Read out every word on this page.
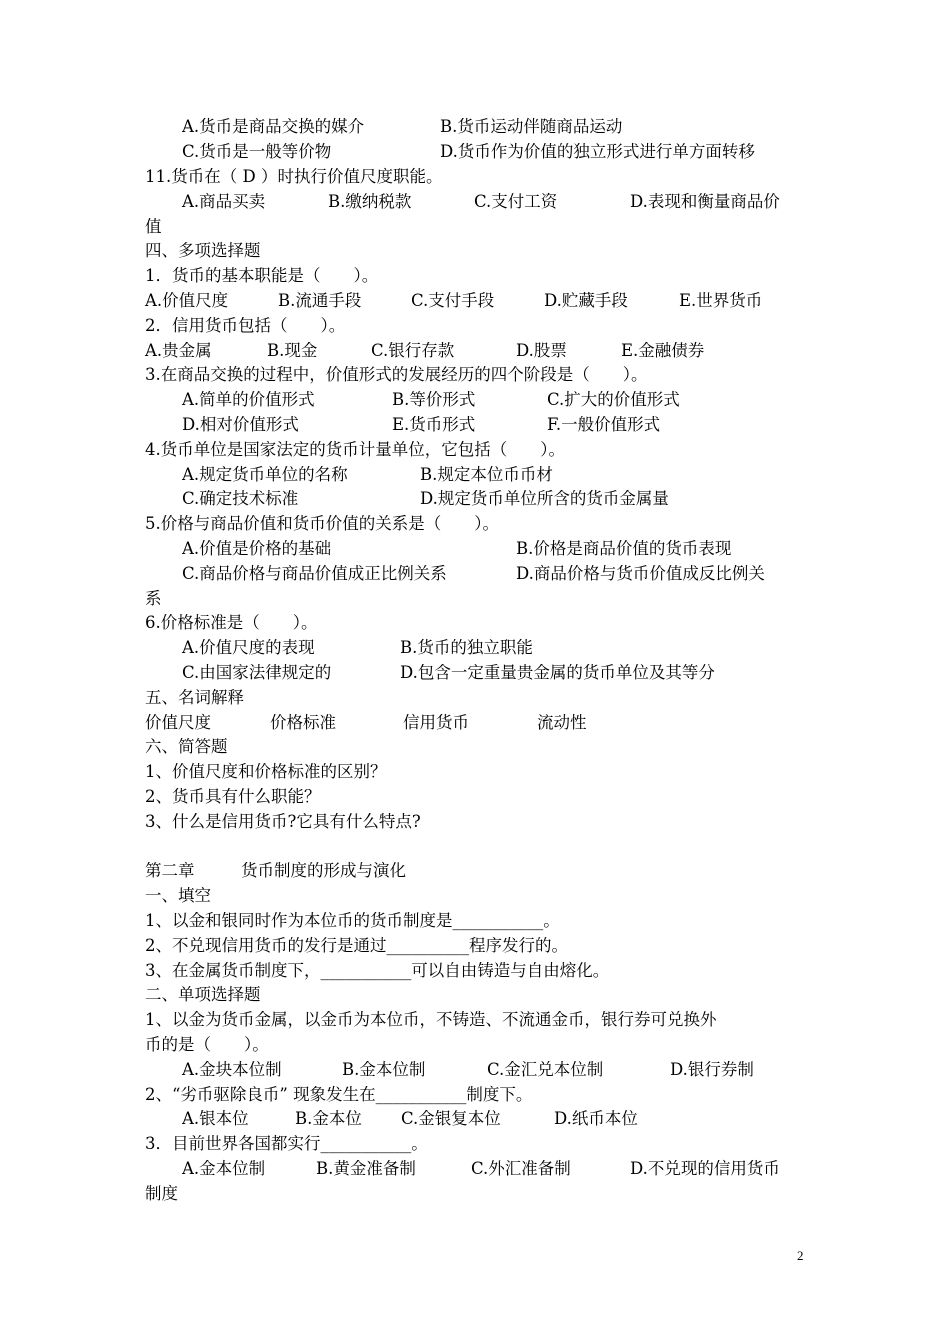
A.货币是商品交换的媒介	B.货币运动伴随商品运动
C.货币是一般等价物	D.货币作为价值的独立形式进行单方面转移
11.货币在（ D ）时执行价值尺度职能。
A.商品买卖	B.缴纳税款	C.支付工资	D.表现和衡量商品价
值
四、多项选择题
1．货币的基本职能是（　　）。
A.价值尺度	B.流通手段	C.支付手段	D.贮藏手段	E.世界货币
2．信用货币包括（　　）。
A.贵金属	B.现金	C.银行存款	D.股票	E.金融债券
3.在商品交换的过程中，价值形式的发展经历的四个阶段是（　　）。
A.简单的价值形式	B.等价形式	C.扩大的价值形式
D.相对价值形式	E.货币形式	F.一般价值形式
4.货币单位是国家法定的货币计量单位，它包括（　　）。
A.规定货币单位的名称	B.规定本位币币材
C.确定技术标准	D.规定货币单位所含的货币金属量
5.价格与商品价值和货币价值的关系是（　　）。
A.价值是价格的基础	B.价格是商品价值的货币表现
C.商品价格与商品价值成正比例关系	D.商品价格与货币价值成反比例关
系
6.价格标准是（　　）。
A.价值尺度的表现	B.货币的独立职能
C.由国家法律规定的	D.包含一定重量贵金属的货币单位及其等分
五、名词解释
价值尺度	价格标准	信用货币	流动性
六、简答题
1、价值尺度和价格标准的区别？
2、货币具有什么职能？
3、什么是信用货币?它具有什么特点?
第二章	货币制度的形成与演化
一、填空
1、以金和银同时作为本位币的货币制度是___________。
2、不兑现信用货币的发行是通过__________程序发行的。
3、在金属货币制度下，___________可以自由铸造与自由熔化。
二、单项选择题
1、以金为货币金属，以金币为本位币，不铸造、不流通金币，银行券可兑换外
币的是（　　）。
A.金块本位制	B.金本位制	C.金汇兑本位制	D.银行券制
2、“劣币驱除良币” 现象发生在___________制度下。
A.银本位	B.金本位 C.金银复本位	D.纸币本位
3．目前世界各国都实行___________。
A.金本位制	B.黄金准备制	C.外汇准备制	D.不兑现的信用货币
制度
2
